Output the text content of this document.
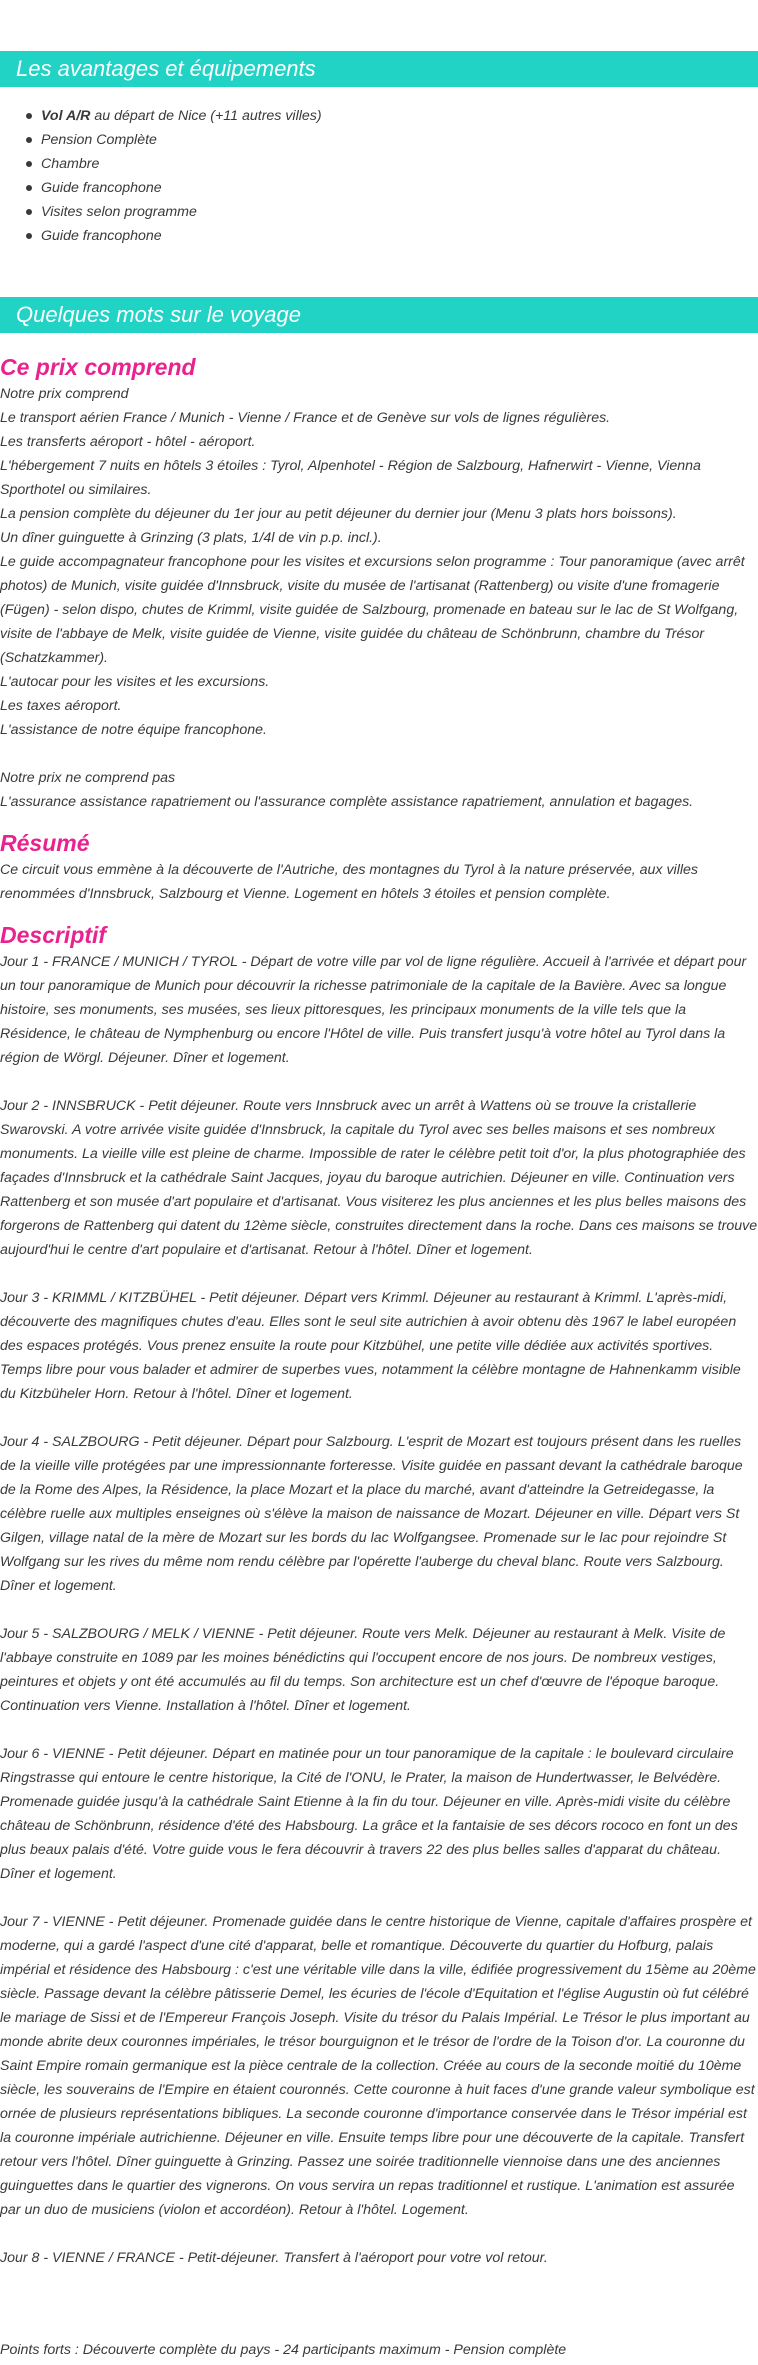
Les avantages et équipements
Vol A/R au départ de Nice (+11 autres villes)
Pension Complète
Chambre
Guide francophone
Visites selon programme
Guide francophone
Quelques mots sur le voyage
Ce prix comprend

Notre prix comprend

Le transport aérien France / Munich - Vienne / France et de Genève sur vols de lignes régulières.

Les transferts aéroport - hôtel - aéroport.

L'hébergement 7 nuits en hôtels 3 étoiles : Tyrol, Alpenhotel - Région de Salzbourg, Hafnerwirt - Vienne, Vienna Sporthotel ou similaires.

La pension complète du déjeuner du 1er jour au petit déjeuner du dernier jour (Menu 3 plats hors boissons).

Un dîner guinguette à Grinzing (3 plats, 1/4l de vin p.p. incl.).

Le guide accompagnateur francophone pour les visites et excursions selon programme : Tour panoramique (avec arrêt photos) de Munich, visite guidée d'Innsbruck, visite du musée de l'artisanat (Rattenberg) ou visite d'une fromagerie (Fügen) - selon dispo, chutes de Krimml, visite guidée de Salzbourg, promenade en bateau sur le lac de St Wolfgang, visite de l'abbaye de Melk, visite guidée de Vienne, visite guidée du château de Schönbrunn, chambre du Trésor (Schatzkammer).

L'autocar pour les visites et les excursions.

Les taxes aéroport.

L'assistance de notre équipe francophone.

Notre prix ne comprend pas

L'assurance assistance rapatriement ou l'assurance complète assistance rapatriement, annulation et bagages.

Résumé

Ce circuit vous emmène à la découverte de l'Autriche, des montagnes du Tyrol à la nature préservée, aux villes renommées d'Innsbruck, Salzbourg et Vienne. Logement en hôtels 3 étoiles et pension complète.

Descriptif

Jour 1 - FRANCE / MUNICH / TYROL - Départ de votre ville par vol de ligne régulière. Accueil à l'arrivée et départ pour un tour panoramique de Munich pour découvrir la richesse patrimoniale de la capitale de la Bavière. Avec sa longue histoire, ses monuments, ses musées, ses lieux pittoresques, les principaux monuments de la ville tels que la Résidence, le château de Nymphenburg ou encore l'Hôtel de ville. Puis transfert jusqu'à votre hôtel au Tyrol dans la région de Wörgl. Déjeuner. Dîner et logement.

Jour 2 - INNSBRUCK - Petit déjeuner. Route vers Innsbruck avec un arrêt à Wattens où se trouve la cristallerie Swarovski. A votre arrivée visite guidée d'Innsbruck, la capitale du Tyrol avec ses belles maisons et ses nombreux monuments. La vieille ville est pleine de charme. Impossible de rater le célèbre petit toit d'or, la plus photographiée des façades d'Innsbruck et la cathédrale Saint Jacques, joyau du baroque autrichien. Déjeuner en ville. Continuation vers Rattenberg et son musée d'art populaire et d'artisanat. Vous visiterez les plus anciennes et les plus belles maisons des forgerons de Rattenberg qui datent du 12ème siècle, construites directement dans la roche. Dans ces maisons se trouve aujourd'hui le centre d'art populaire et d'artisanat. Retour à l'hôtel. Dîner et logement.

Jour 3 - KRIMML / KITZBÜHEL - Petit déjeuner. Départ vers Krimml. Déjeuner au restaurant à Krimml. L'après-midi, découverte des magnifiques chutes d'eau. Elles sont le seul site autrichien à avoir obtenu dès 1967 le label européen des espaces protégés. Vous prenez ensuite la route pour Kitzbühel, une petite ville dédiée aux activités sportives. Temps libre pour vous balader et admirer de superbes vues, notamment la célèbre montagne de Hahnenkamm visible du Kitzbüheler Horn. Retour à l'hôtel. Dîner et logement.

Jour 4 - SALZBOURG - Petit déjeuner. Départ pour Salzbourg. L'esprit de Mozart est toujours présent dans les ruelles de la vieille ville protégées par une impressionnante forteresse. Visite guidée en passant devant la cathédrale baroque de la Rome des Alpes, la Résidence, la place Mozart et la place du marché, avant d'atteindre la Getreidegasse, la célèbre ruelle aux multiples enseignes où s'élève la maison de naissance de Mozart. Déjeuner en ville. Départ vers St Gilgen, village natal de la mère de Mozart sur les bords du lac Wolfgangsee. Promenade sur le lac pour rejoindre St Wolfgang sur les rives du même nom rendu célèbre par l'opérette l'auberge du cheval blanc. Route vers Salzbourg. Dîner et logement.

Jour 5 - SALZBOURG / MELK / VIENNE - Petit déjeuner. Route vers Melk. Déjeuner au restaurant à Melk. Visite de l'abbaye construite en 1089 par les moines bénédictins qui l'occupent encore de nos jours. De nombreux vestiges, peintures et objets y ont été accumulés au fil du temps. Son architecture est un chef d'œuvre de l'époque baroque. Continuation vers Vienne. Installation à l'hôtel. Dîner et logement.

Jour 6 - VIENNE - Petit déjeuner. Départ en matinée pour un tour panoramique de la capitale : le boulevard circulaire Ringstrasse qui entoure le centre historique, la Cité de l'ONU, le Prater, la maison de Hundertwasser, le Belvédère. Promenade guidée jusqu'à la cathédrale Saint Etienne à la fin du tour. Déjeuner en ville. Après-midi visite du célèbre château de Schönbrunn, résidence d'été des Habsbourg. La grâce et la fantaisie de ses décors rococo en font un des plus beaux palais d'été. Votre guide vous le fera découvrir à travers 22 des plus belles salles d'apparat du château. Dîner et logement.

Jour 7 - VIENNE - Petit déjeuner. Promenade guidée dans le centre historique de Vienne, capitale d'affaires prospère et moderne, qui a gardé l'aspect d'une cité d'apparat, belle et romantique. Découverte du quartier du Hofburg, palais impérial et résidence des Habsbourg : c'est une véritable ville dans la ville, édifiée progressivement du 15ème au 20ème siècle. Passage devant la célèbre pâtisserie Demel, les écuries de l'école d'Equitation et l'église Augustin où fut célébré le mariage de Sissi et de l'Empereur François Joseph. Visite du trésor du Palais Impérial. Le Trésor le plus important au monde abrite deux couronnes impériales, le trésor bourguignon et le trésor de l'ordre de la Toison d'or. La couronne du Saint Empire romain germanique est la pièce centrale de la collection. Créée au cours de la seconde moitié du 10ème siècle, les souverains de l'Empire en étaient couronnés. Cette couronne à huit faces d'une grande valeur symbolique est ornée de plusieurs représentations bibliques. La seconde couronne d'importance conservée dans le Trésor impérial est la couronne impériale autrichienne. Déjeuner en ville. Ensuite temps libre pour une découverte de la capitale. Transfert retour vers l'hôtel. Dîner guinguette à Grinzing. Passez une soirée traditionnelle viennoise dans une des anciennes guinguettes dans le quartier des vignerons. On vous servira un repas traditionnel et rustique. L'animation est assurée par un duo de musiciens (violon et accordéon). Retour à l'hôtel. Logement.

Jour 8 - VIENNE / FRANCE - Petit-déjeuner. Transfert à l'aéroport pour votre vol retour.

Points forts : Découverte complète du pays - 24 participants maximum - Pension complète
